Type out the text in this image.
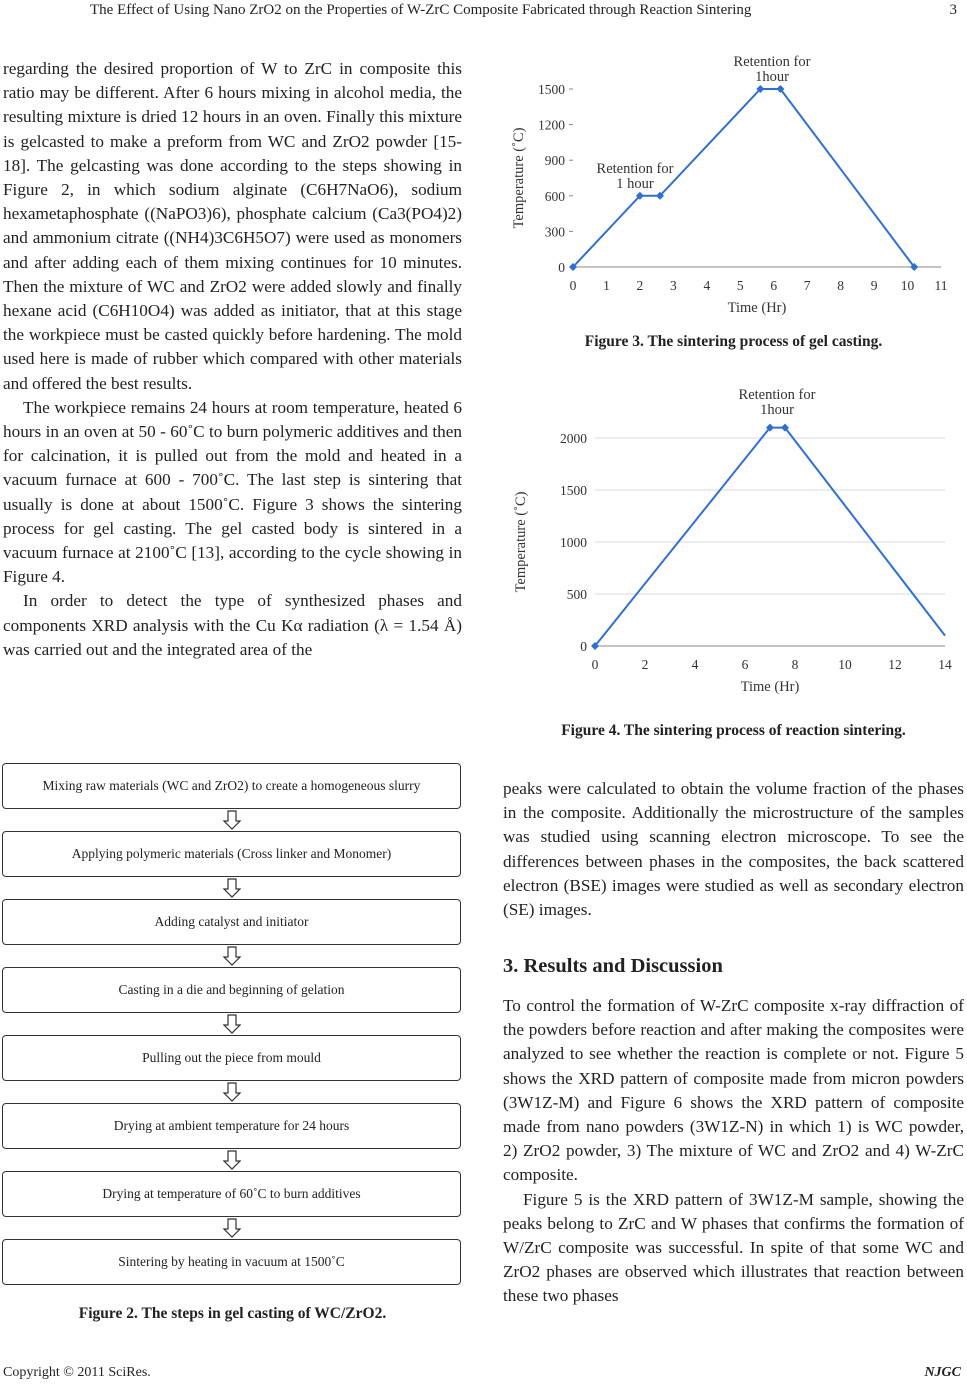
The Effect of Using Nano ZrO2 on the Properties of W-ZrC Composite Fabricated through Reaction Sintering	3

regarding the desired proportion of W to ZrC in composite this ratio may be different. After 6 hours mixing in alcohol media, the resulting mixture is dried 12 hours in an oven. Finally this mixture is gelcasted to make a preform from WC and ZrO2 powder [15-18]. The gelcasting was done according to the steps showing in Figure 2, in which sodium alginate (C6H7NaO6), sodium hexametaphosphate ((NaPO3)6), phosphate calcium (Ca3(PO4)2) and ammonium citrate ((NH4)3C6H5O7) were used as monomers and after adding each of them mixing continues for 10 minutes. Then the mixture of WC and ZrO2 were added slowly and finally hexane acid (C6H10O4) was added as initiator, that at this stage the workpiece must be casted quickly before hardening. The mold used here is made of rubber which compared with other materials and offered the best results.

The workpiece remains 24 hours at room temperature, heated 6 hours in an oven at 50 - 60˚C to burn polymeric additives and then for calcination, it is pulled out from the mold and heated in a vacuum furnace at 600 - 700˚C. The last step is sintering that usually is done at about 1500˚C. Figure 3 shows the sintering process for gel casting. The gel casted body is sintered in a vacuum furnace at 2100˚C [13], according to the cycle showing in Figure 4.

In order to detect the type of synthesized phases and components XRD analysis with the Cu Kα radiation (λ = 1.54 Å) was carried out and the integrated area of the

Mixing raw materials (WC and ZrO2) to create a homogeneous slurry
Applying polymeric materials (Cross linker and Monomer)
Adding catalyst and initiator
Casting in a die and beginning of gelation
Pulling out the piece from mould
Drying at ambient temperature for 24 hours
Drying at temperature of 60˚C to burn additives
Sintering by heating in vacuum at 1500˚C
Figure 2. The steps in gel casting of WC/ZrO2.
0
300
600
900
1200
1500
0 1 2 3 4 5 6 7 8 9 10 11
Time (Hr)
Temperature (˚C)	Retention for
1 hour
Retention for
1hour
Figure 3. The sintering process of gel casting.
0
500
1000
1500
2000
0	2	4	6	8	10	12	14
Time (Hr)
Temperature (˚C)
Retention for
1hour
Figure 4. The sintering process of reaction sintering.

peaks were calculated to obtain the volume fraction of the phases in the composite. Additionally the microstructure of the samples was studied using scanning electron microscope. To see the differences between phases in the composites, the back scattered electron (BSE) images were studied as well as secondary electron (SE) images.

3. Results and Discussion

To control the formation of W-ZrC composite x-ray diffraction of the powders before reaction and after making the composites were analyzed to see whether the reaction is complete or not. Figure 5 shows the XRD pattern of composite made from micron powders (3W1Z-M) and Figure 6 shows the XRD pattern of composite made from nano powders (3W1Z-N) in which 1) is WC powder, 2) ZrO2 powder, 3) The mixture of WC and ZrO2 and 4) W-ZrC composite.

Figure 5 is the XRD pattern of 3W1Z-M sample, showing the peaks belong to ZrC and W phases that confirms the formation of W/ZrC composite was successful. In spite of that some WC and ZrO2 phases are observed which illustrates that reaction between these two phases

Copyright © 2011 SciRes.	NJGC
